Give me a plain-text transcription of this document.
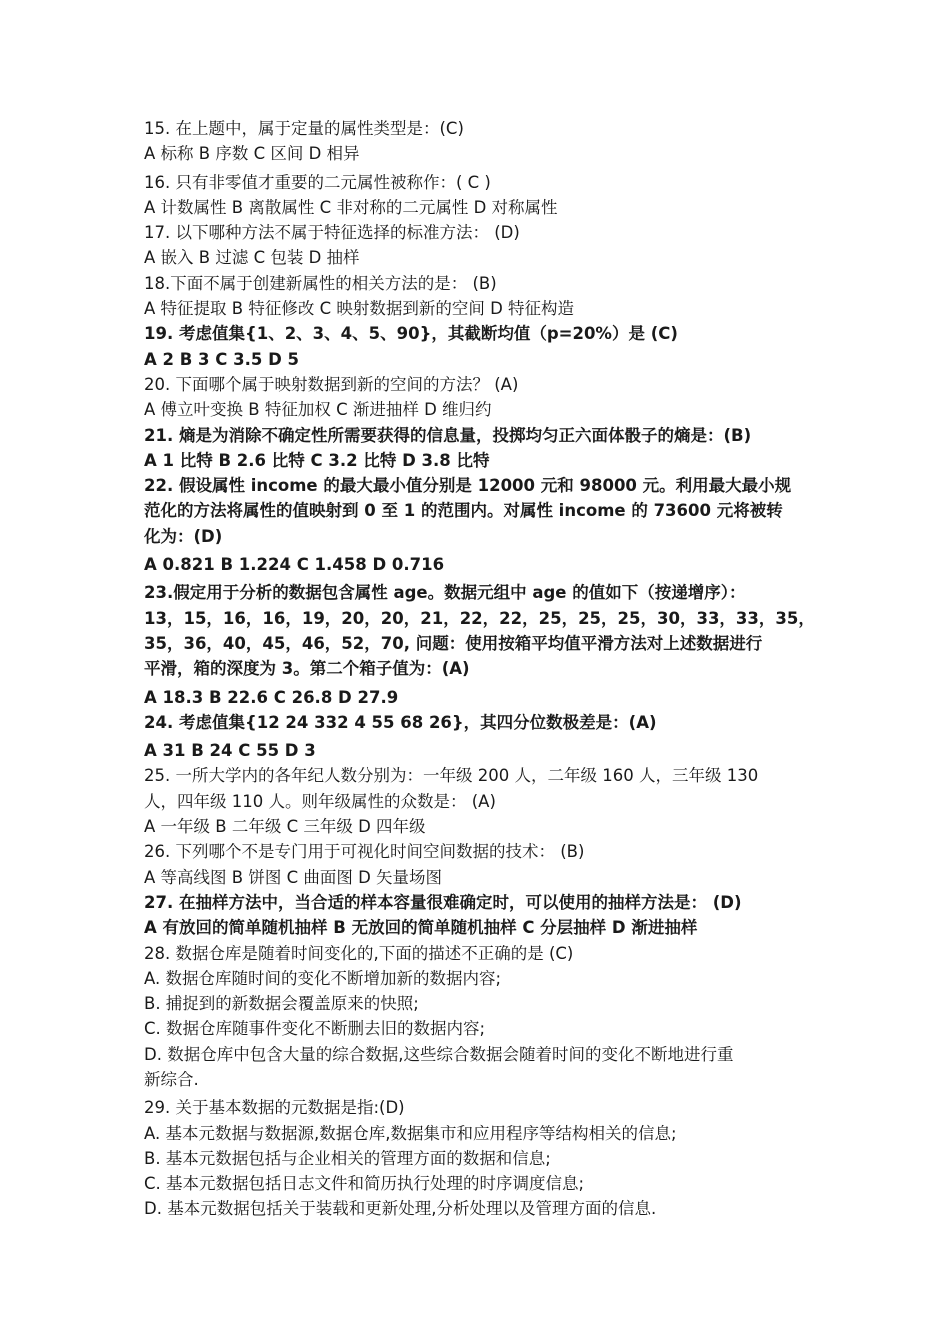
15. 在上题中，属于定量的属性类型是：(C)
A 标称 B 序数 C 区间 D 相异
16. 只有非零值才重要的二元属性被称作：( C )
A 计数属性 B 离散属性 C 非对称的二元属性 D 对称属性
17. 以下哪种方法不属于特征选择的标准方法： (D)
A 嵌入 B 过滤 C 包装 D 抽样
18.下面不属于创建新属性的相关方法的是： (B)
A 特征提取 B 特征修改 C 映射数据到新的空间 D 特征构造
19. 考虑值集{1、2、3、4、5、90}，其截断均值（p=20%）是 (C)
A 2 B 3 C 3.5 D 5
20. 下面哪个属于映射数据到新的空间的方法？ (A)
A 傅立叶变换 B 特征加权 C 渐进抽样 D 维归约
21. 熵是为消除不确定性所需要获得的信息量，投掷均匀正六面体骰子的熵是：(B)
A 1 比特 B 2.6 比特 C 3.2 比特 D 3.8 比特
22. 假设属性 income 的最大最小值分别是 12000 元和 98000 元。利用最大最小规
范化的方法将属性的值映射到 0 至 1 的范围内。对属性 income 的 73600 元将被转
化为：(D)
A 0.821 B 1.224 C 1.458 D 0.716
23.假定用于分析的数据包含属性 age。数据元组中 age 的值如下（按递增序）：
13，15，16，16，19，20，20，21，22，22，25，25，25，30，33，33，35，
35，36，40，45，46，52，70, 问题：使用按箱平均值平滑方法对上述数据进行
平滑，箱的深度为 3。第二个箱子值为：(A)
A 18.3 B 22.6 C 26.8 D 27.9
24. 考虑值集{12 24 332 4 55 68 26}，其四分位数极差是：(A)
A 31 B 24 C 55 D 3
25. 一所大学内的各年纪人数分别为：一年级 200 人，二年级 160 人，三年级 130
人，四年级 110 人。则年级属性的众数是： (A)
A 一年级 B 二年级 C 三年级 D 四年级
26. 下列哪个不是专门用于可视化时间空间数据的技术： (B)
A 等高线图 B 饼图 C 曲面图 D 矢量场图
27. 在抽样方法中，当合适的样本容量很难确定时，可以使用的抽样方法是： (D)
A 有放回的简单随机抽样 B 无放回的简单随机抽样 C 分层抽样 D 渐进抽样
28. 数据仓库是随着时间变化的,下面的描述不正确的是 (C)
A. 数据仓库随时间的变化不断增加新的数据内容;
B. 捕捉到的新数据会覆盖原来的快照;
C. 数据仓库随事件变化不断删去旧的数据内容;
D. 数据仓库中包含大量的综合数据,这些综合数据会随着时间的变化不断地进行重
新综合.
29. 关于基本数据的元数据是指:(D)
A. 基本元数据与数据源,数据仓库,数据集市和应用程序等结构相关的信息;
B. 基本元数据包括与企业相关的管理方面的数据和信息;
C. 基本元数据包括日志文件和简历执行处理的时序调度信息;
D. 基本元数据包括关于装载和更新处理,分析处理以及管理方面的信息.
